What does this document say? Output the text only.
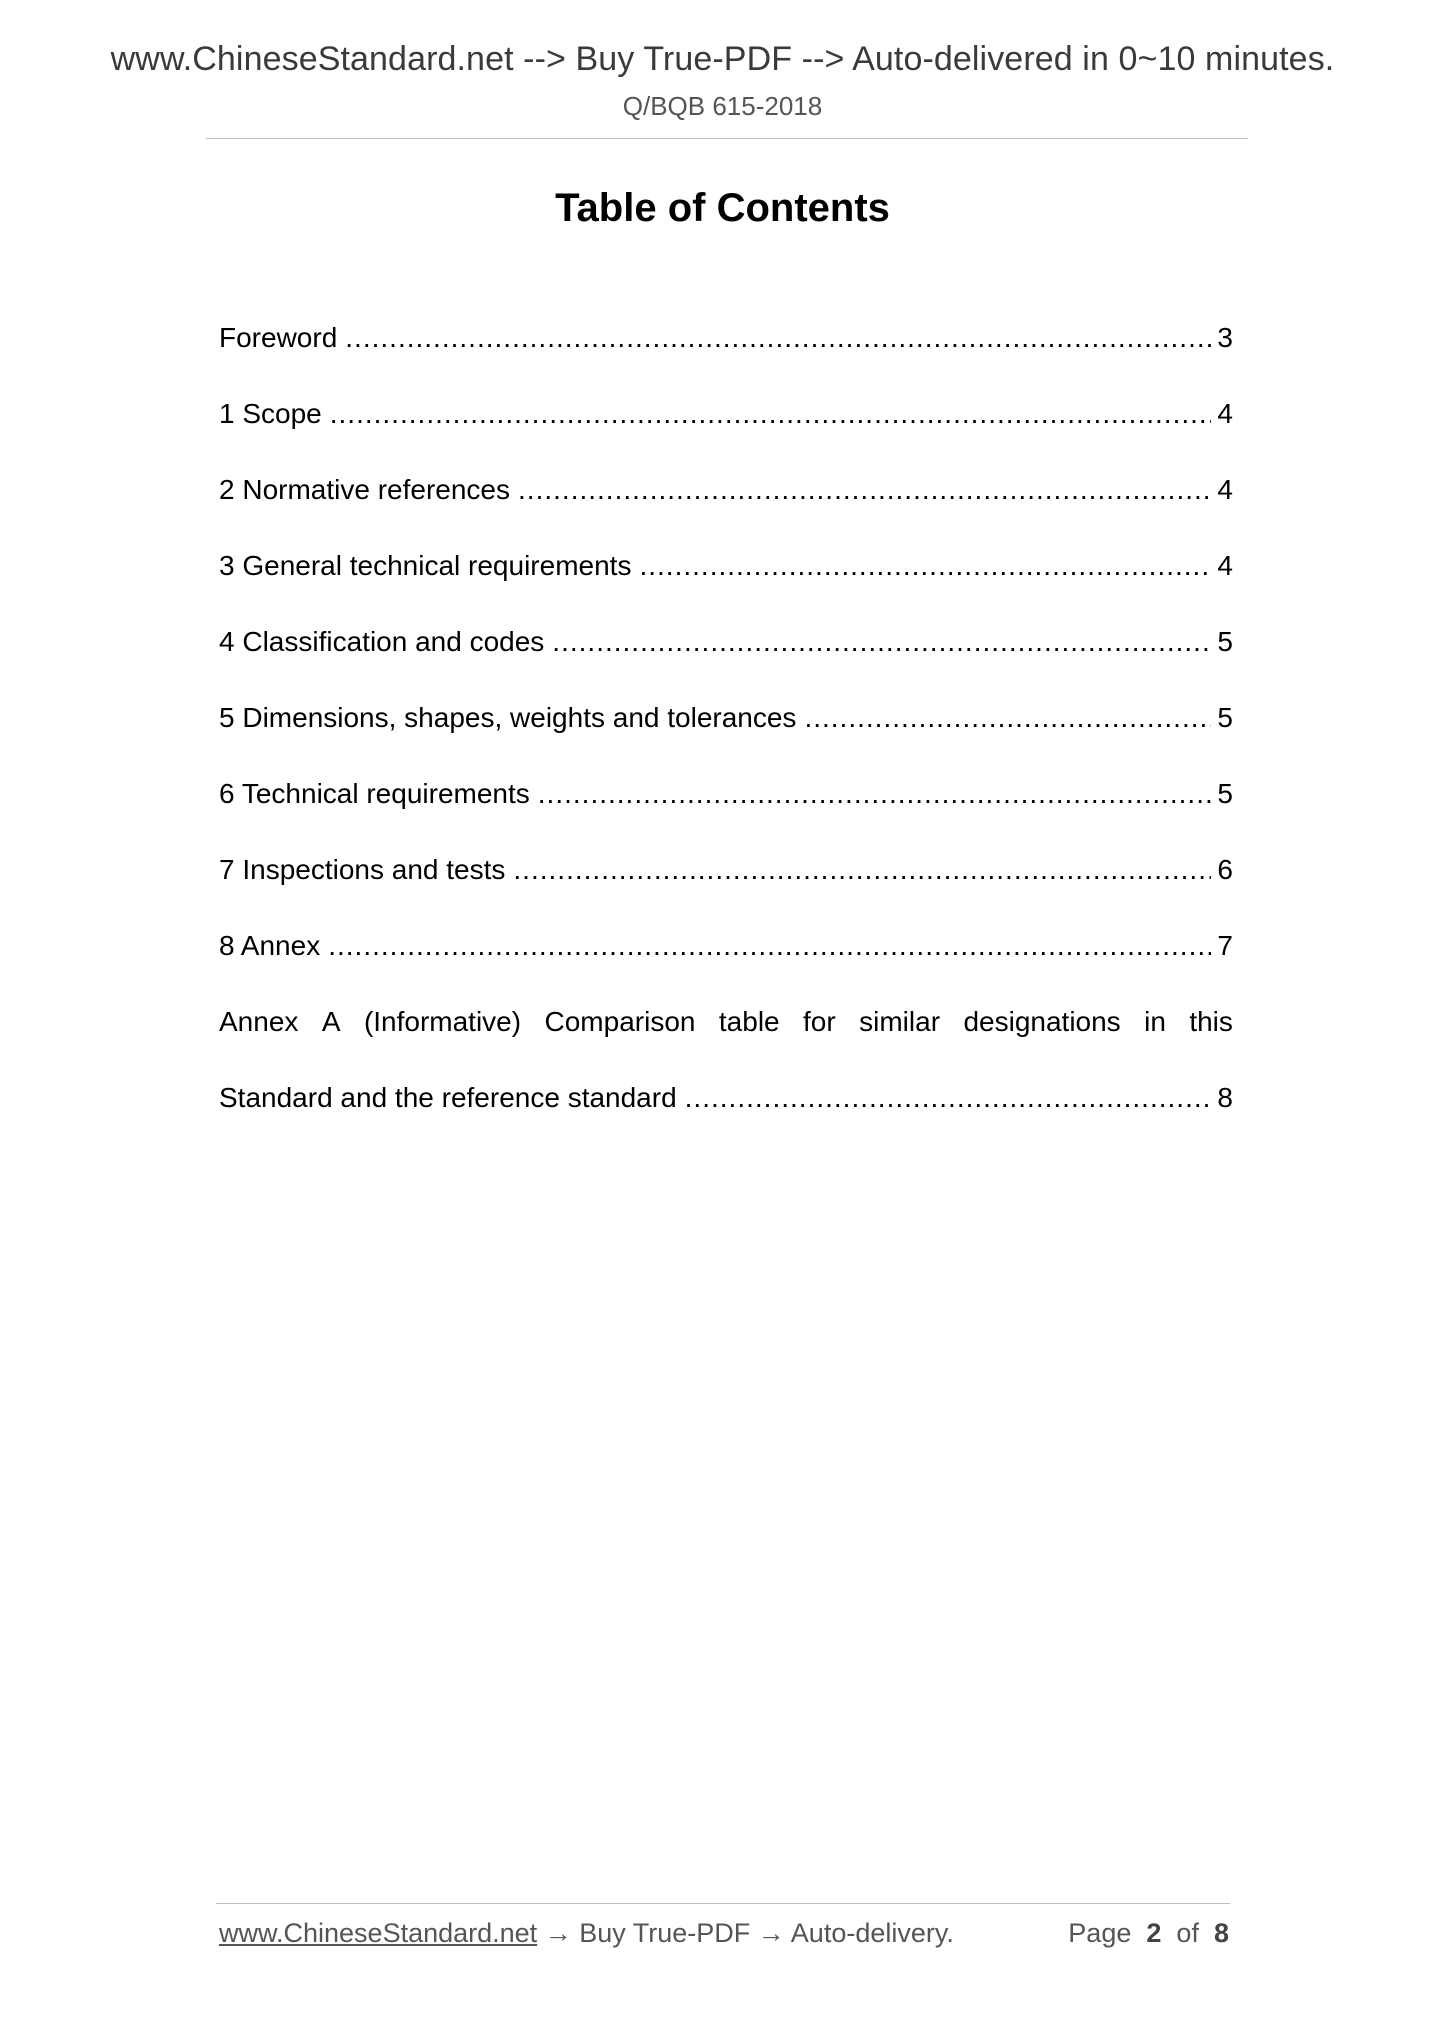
www.ChineseStandard.net --> Buy True-PDF --> Auto-delivered in 0~10 minutes.
Q/BQB 615-2018
Table of Contents
Foreword .....	3
1 Scope .....	4
2 Normative references .....	4
3 General technical requirements .....	4
4 Classification and codes .....	5
5 Dimensions, shapes, weights and tolerances .....	5
6 Technical requirements .....	5
7 Inspections and tests .....	6
8 Annex .....	7
Annex A (Informative) Comparison table for similar designations in this
Standard and the reference standard .....	8
www.ChineseStandard.net → Buy True-PDF → Auto-delivery.	Page 2 of 8
